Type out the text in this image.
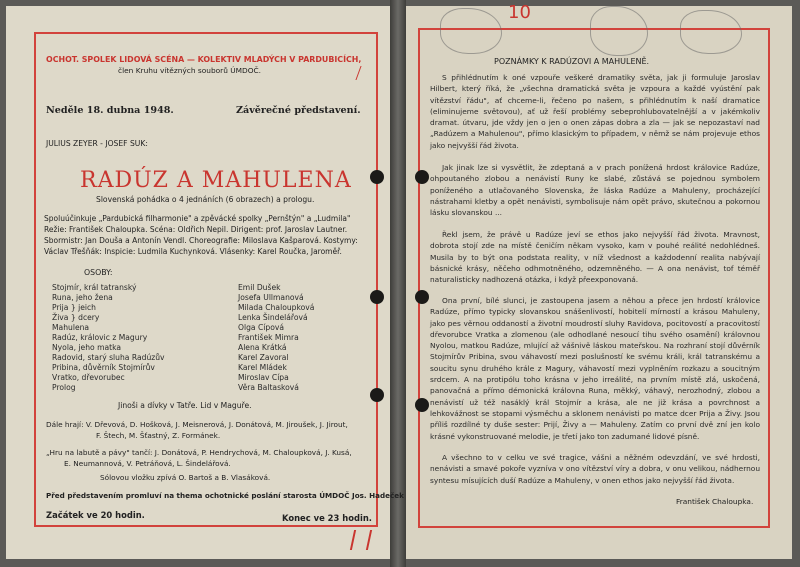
OCHOT. SPOLEK LIDOVÁ SCÉNA — KOLEKTIV MLADÝCH V PARDUBICÍCH,

člen Kruhu vítězných souborů ÚMDOČ.

Neděle 18. dubna 1948.	Závěrečné představení.

JULIUS ZEYER - JOSEF SUK:

RADÚZ A MAHULENA

Slovenská pohádka o 4 jednáních (6 obrazech) a prologu.

Spoluúčinkuje „Pardubická filharmonie" a zpěvácké spolky „Pernštýn" a „Ludmila"

Režie: František Chaloupka. Scéna: Oldřich Nepil. Dirigent: prof. Jaroslav Lautner.

Sbormistr: Jan Douša a Antonín Vendl. Choreografie: Miloslava Kašparová. Kostymy:

Václav Třešňák: Inspicie: Ludmila Kuchynková. Vlásenky: Karel Roučka, Jaroměř.

OSOBY:

Stojmír, král tatranský	Emil Dušek
Runa, jeho žena	Josefa Ullmanová
Prija } jeich	Milada Chaloupková
Živa } dcery	Lenka Šindelářová
Mahulena	Olga Cípová
Radúz, královic z Magury	František Mimra
Nyola, jeho matka	Alena Krátká
Radovid, starý sluha Radúzův	Karel Zavoral
Pribina, důvěrník Stojmírův	Karel Mládek
Vratko, dřevorubec	Miroslav Cípa
Prolog	Věra Baltasková

Jinoši a dívky v Tatře. Lid v Maguře.

Dále hrají: V. Dřevová, D. Hošková, J. Meisnerová, J. Donátová, M. Jiroušek, J. Jirout,

F. Štech, M. Šťastný, Z. Formánek.

„Hru na labutě a pávy" tančí: J. Donátová, P. Hendrychová, M. Chaloupková, J. Kusá,

E. Neumannová, V. Petráňová, L. Šindelářová.

Sólovou vložku zpívá O. Bartoš a B. Vlasáková.

Před představením promluví na thema ochotnické poslání starosta ÚMDOČ Jos. Hadeček

Začátek ve 20 hodin.	Konec ve 23 hodin.

10

POZNÁMKY K RADÚZOVI A MAHULENĚ.

S přihlédnutím k oné vzpouře veškeré dramatiky světa, jak ji formuluje Jaroslav Hilbert, který říká, že „všechna dramatická světa je vzpoura a každé vyústění pak vítězství řádu", ať chceme-li, řečeno po našem, s přihlédnutím k naší dramatice (eliminujeme světovou), ať už řeší problémy sebeprohlubovatelnější a v jakémkoliv dramat. útvaru, jde vždy jen o jen o onen zápas dobra a zla — jak se nepozastaví nad „Radúzem a Mahulenou", přímo klasickým to případem, v němž se nám projevuje ethos jako nejvyšší řád života.

Jak jinak lze si vysvětlit, že zdeptaná a v prach ponížená hrdost královice Radúze, ohpoutaného zlobou a nenávistí Runy ke slabé, zůstává se pojednou symbolem poníženého a utlačovaného Slovenska, že láska Radúze a Mahuleny, procházející nástrahami kletby a opět nenávisti, symbolisuje nám opět právo, skutečnou a pokornou lásku slovanskou ...

Řekl jsem, že právě u Radúze jeví se ethos jako nejvyšší řád života. Mravnost, dobrota stojí zde na místě čeničím někam vysoko, kam v pouhé reálité nedohlédneš. Musila by to být ona podstata reality, v níž všednost a každodenní realita nabývají básnické krásy, něčeho odhmotněného, odzemněného. — A ona nenávist, tof téměř naturalisticky nadhozená otázka, i když přeexponovaná.

Ona první, bílé slunci, je zastoupena jasem a něhou a přece jen hrdostí královice Radúze, přímo typicky slovanskou snášenlivostí, hobitelí mírností a krásou Mahuleny, jako pes věrnou oddaností a životní moudrostí sluhy Ravidova, pocitovostí a pracovitostí dřevorubce Vratka a zlomenou (ale odhodlané nesoucí tihu svého osamění) královnou Nyolou, matkou Radúze, mlující až vášnivě láskou mateřskou. Na rozhraní stojí důvěrník Stojmírův Pribina, svou váhavostí mezi poslušností ke svému králi, král tatranskému a soucitu synu druhého krále z Magury, váhavostí mezi vyplněním rozkazu a soucitným srdcem. A na protipólu toho krásna v jeho irreálité, na prvním místě zlá, uskočená, panovačná a přímo démonická královna Runa, měkký, váhavý, nerozhodný, zlobou a nenávistí už též nasáklý král Stojmír a krása, ale ne již krása a povrchnost a lehkovážnost se stopami výsměchu a sklonem nenávisti po matce dcer Prija a Živy. Jsou příliš rozdílné ty duše sester: Prijí, Živy a — Mahuleny. Zatím co první dvě zní jen kolo krásné vykonstruované melodie, je třetí jako ton zadumané lidové písně.

A všechno to v celku ve své tragice, vášni a něžném odevzdání, ve své hrdosti, nenávisti a smavé pokoře vyzníva v ono vítězství víry a dobra, v onu velikou, nádhernou syntesu mísujících duší Radúze a Mahuleny, v onen ethos jako nejvyšší řád života.

František Chaloupka.
